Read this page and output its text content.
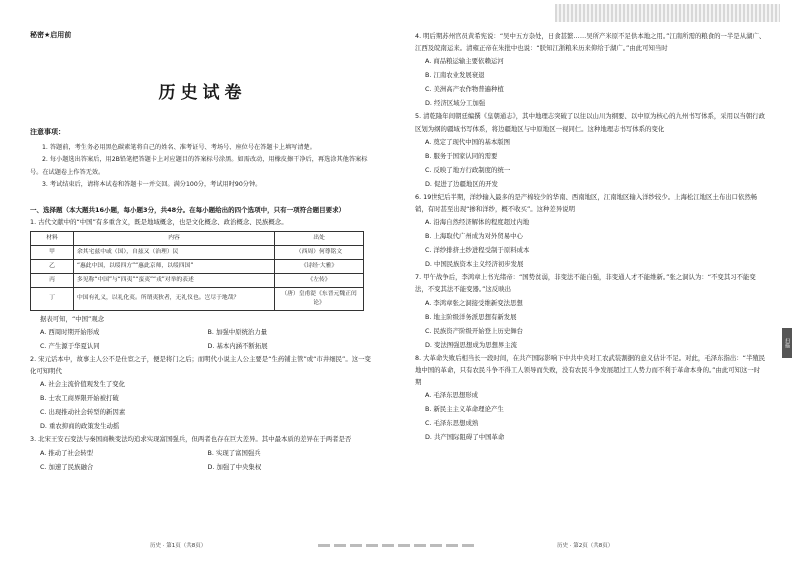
秘密★启用前
历史试卷
注意事项：

1. 答题前，考生务必用黑色碳素笔将自己的姓名、准考证号、考场号、座位号在答题卡上填写清楚。

2. 每小题选出答案后，用2B铅笔把答题卡上对应题目的答案标号涂黑。如需改动，用橡皮擦干净后，再选涂其他答案标号。在试题卷上作答无效。

3. 考试结束后，请将本试卷和答题卡一并交回。满分100分，考试用时90分钟。

一、选择题（本大题共16小题，每小题3分，共48分。在每小题给出的四个选项中，只有一项符合题目要求）

1. 古代文献中的“中国”有多重含义，既是地域概念，也是文化概念、政治概念、民族概念。

材料	内容	出处
甲	余其宅兹中或（国），自兹又（治理）民	（西周）何尊铭文
乙	“惠此中国，以绥四方”“惠此京师，以绥四国”	《诗经·大雅》
丙	多见称“中国”与“四夷”“蛮夷”“戎”对举的表述	《左传》
丁	中国有礼义，以礼化夷。所谓夷狄者，无礼仪也。岂尽于地哉？	（唐）皇甫湜《东晋元魏正闰论》

据表可知，“中国”观念

A. 西周时期开始形成	B. 加强中原统治力量
C. 产生源于华夏认同	D. 基本内涵不断拓展

2. 宋元话本中，故事主人公不是仕宦之子，便是将门之后；而明代小说主人公主要是“生药铺主管”或“市井细民”。这一变化可知明代

A. 社会主流价值观发生了变化
B. 士农工商界限开始被打破
C. 出现推动社会转型的新因素
D. 重农抑商的政策发生动摇

3. 北宋王安石变法与秦国商鞅变法均追求实现富国强兵，但两者也存在巨大差异。其中最本质的差异在于两者是否

A. 推动了社会转型	B. 实现了富国强兵
C. 加速了民族融合	D. 加强了中央集权
历史 · 第1页（共8页）

4. 明后期苏州官员黄希宪说：“吴中五方杂处，日食甚繁……吴所产米原不足供本地之用。”江南所需的粮食的一半是从湖广、江西及皖南运来。清雍正帝在朱批中也说：“朕知江浙粮米历来仰给于湖广。”由此可知当时

A. 商品粮运输主要依赖运河
B. 江南农业发展衰退
C. 美洲高产农作物普遍种植
D. 经济区域分工加强

5. 清乾隆年间朝廷编撰《皇朝通志》，其中地理志突破了以往以山川为纲要、以中原为核心的九州书写体系，采用以当朝行政区划为纲的疆域书写体系，将边疆地区与中原地区一视同仁。这种地理志书写体系的变化

A. 奠定了现代中国的基本版图
B. 服务于国家认同的需要
C. 反映了地方行政制度的统一
D. 促进了边疆地区的开发

6. 19世纪后半期，洋纱输入最多的是产棉较少的华南、西南地区，江南地区输入洋纱较少。上海松江地区土布出口依然畅销，有时甚至出现“掺和洋纱，概不收买”。这种差异说明

A. 沿海自然经济解体的程度超过内地
B. 上海取代广州成为对外贸易中心
C. 洋纱排挤土纱进程受制于原料成本
D. 中国民族资本主义经济初步发展

7. 甲午战争后，李鸿章上书光绪帝：“国势贫弱，非变法不能自强，非变通人才不能维新。”张之洞认为：“不变其习不能变法，不变其法不能变器。”这反映出

A. 李鸿章张之洞接受维新变法思想
B. 地主阶级洋务派思想有新发展
C. 民族资产阶级开始登上历史舞台
D. 变法图强思想成为思想界主流

8. 大革命失败后相当长一段时间，在共产国际影响下中共中央对工农武装割据的意义估计不足。对此，毛泽东指出：“半殖民地中国的革命，只有农民斗争不得工人领导而失败，没有农民斗争发展超过工人势力而不利于革命本身的。”由此可知这一时期

A. 毛泽东思想形成
B. 新民主主义革命理论产生
C. 毛泽东思想成熟
D. 共产国际阻碍了中国革命
历史 · 第2页（共8页）
扫描
